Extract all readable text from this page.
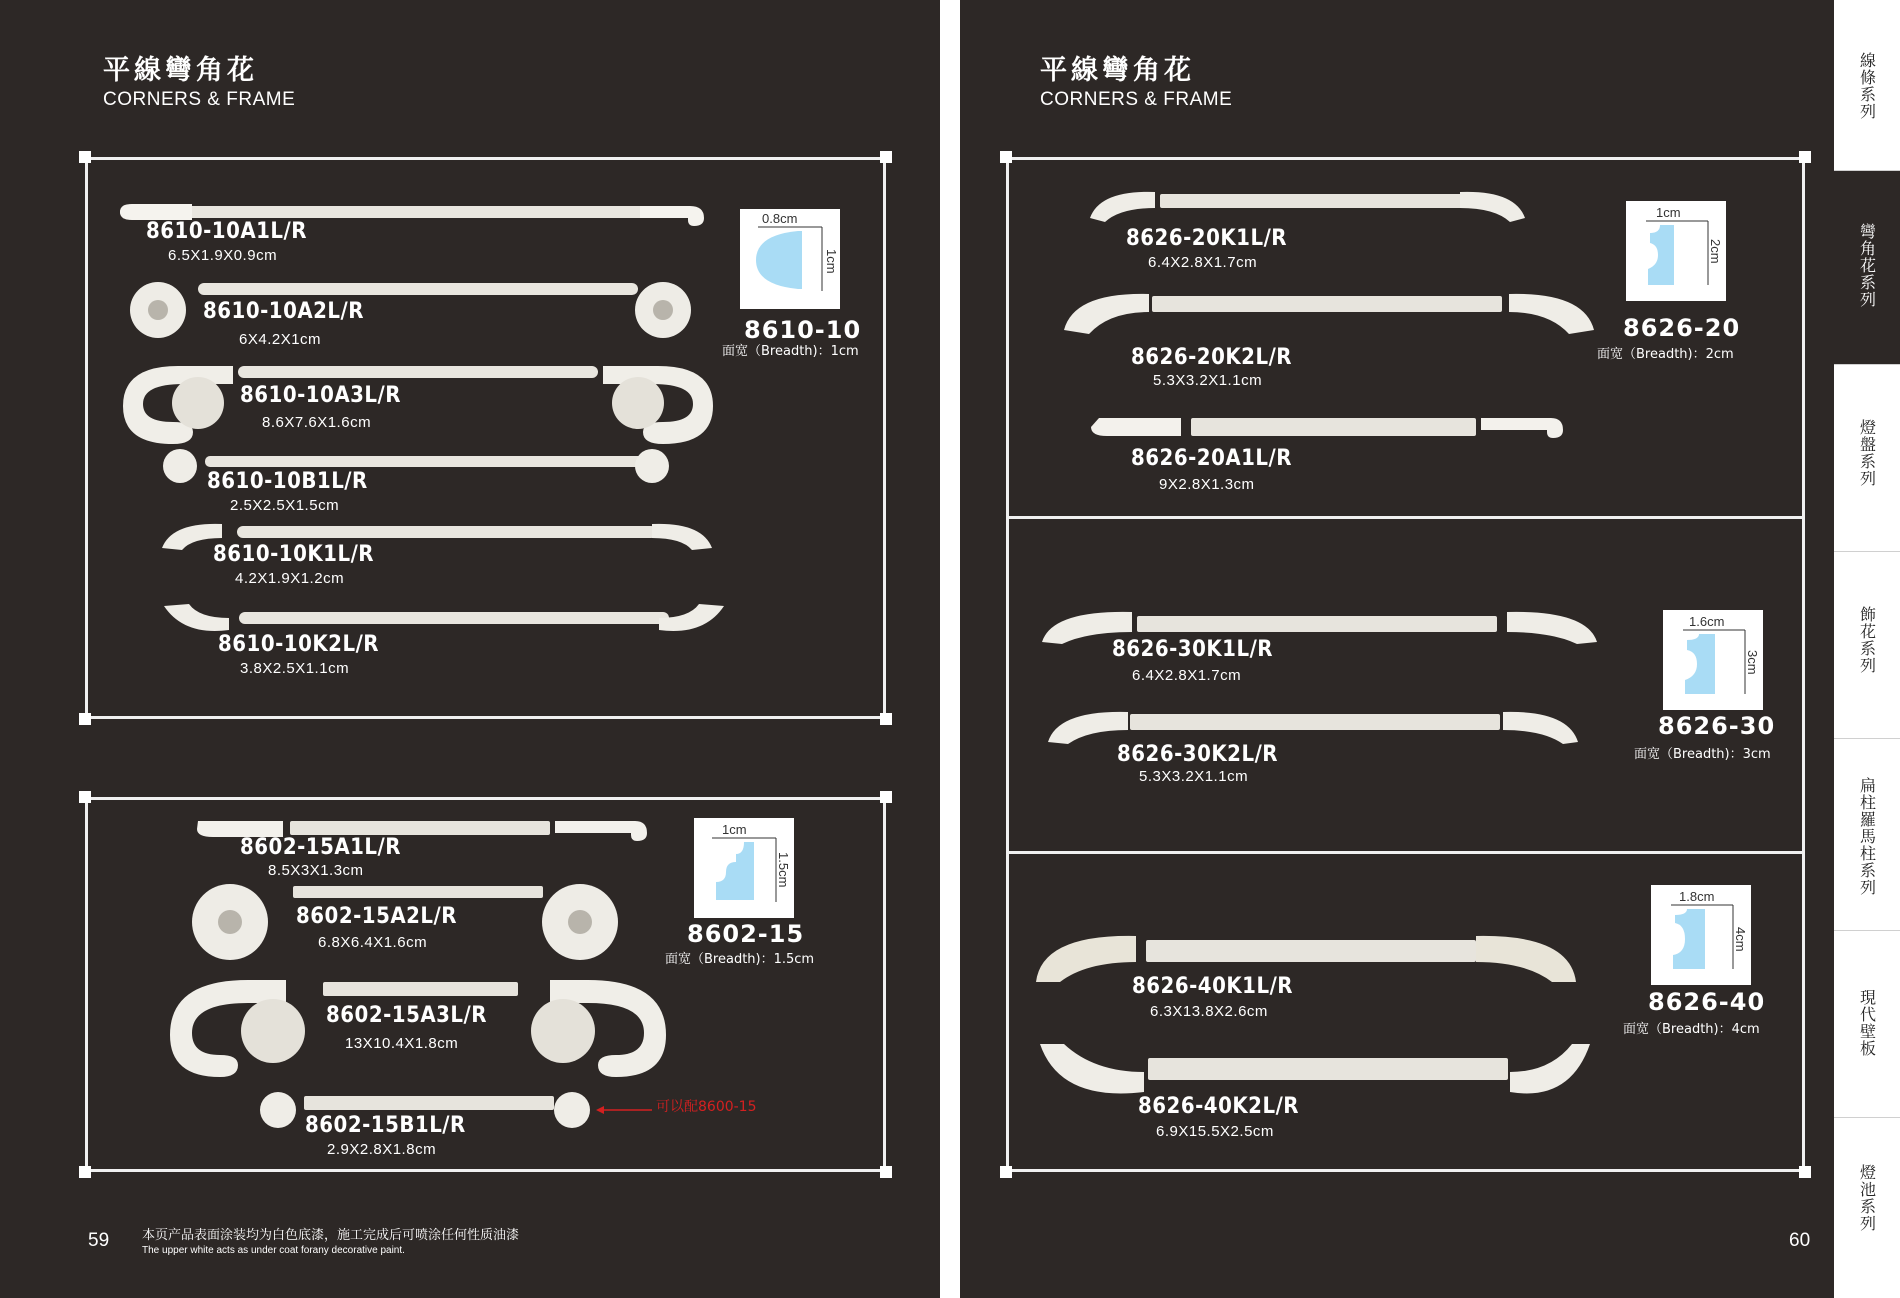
平線彎角花
CORNERS & FRAME
8610-10A1L/R
6.5X1.9X0.9cm
8610-10A2L/R
6X4.2X1cm
8610-10A3L/R
8.6X7.6X1.6cm
8610-10B1L/R
2.5X2.5X1.5cm
8610-10K1L/R
4.2X1.9X1.2cm
8610-10K2L/R
3.8X2.5X1.1cm
0.8cm
1cm
8610-10
面宽（Breadth)：1cm
8602-15A1L/R
8.5X3X1.3cm
8602-15A2L/R
6.8X6.4X1.6cm
8602-15A3L/R
13X10.4X1.8cm
8602-15B1L/R
2.9X2.8X1.8cm
可以配8600-15
1cm
1.5cm
8602-15
面宽（Breadth)：1.5cm
59	本页产品表面涂装均为白色底漆，施工完成后可喷涂任何性质油漆
The upper white acts as under coat forany decorative paint.
平線彎角花
CORNERS & FRAME
8626-20K1L/R
6.4X2.8X1.7cm
8626-20K2L/R
5.3X3.2X1.1cm
8626-20A1L/R
9X2.8X1.3cm
1cm
2cm
8626-20
面宽（Breadth)：2cm
8626-30K1L/R
6.4X2.8X1.7cm
8626-30K2L/R
5.3X3.2X1.1cm
1.6cm
3cm
8626-30
面宽（Breadth)：3cm
8626-40K1L/R
6.3X13.8X2.6cm
8626-40K2L/R
6.9X15.5X2.5cm
1.8cm
4cm
8626-40
面宽（Breadth)：4cm
60
線條系列
彎角花系列
燈盤系列
飾花系列
扁柱羅馬柱系列
現代壁板
燈池系列
